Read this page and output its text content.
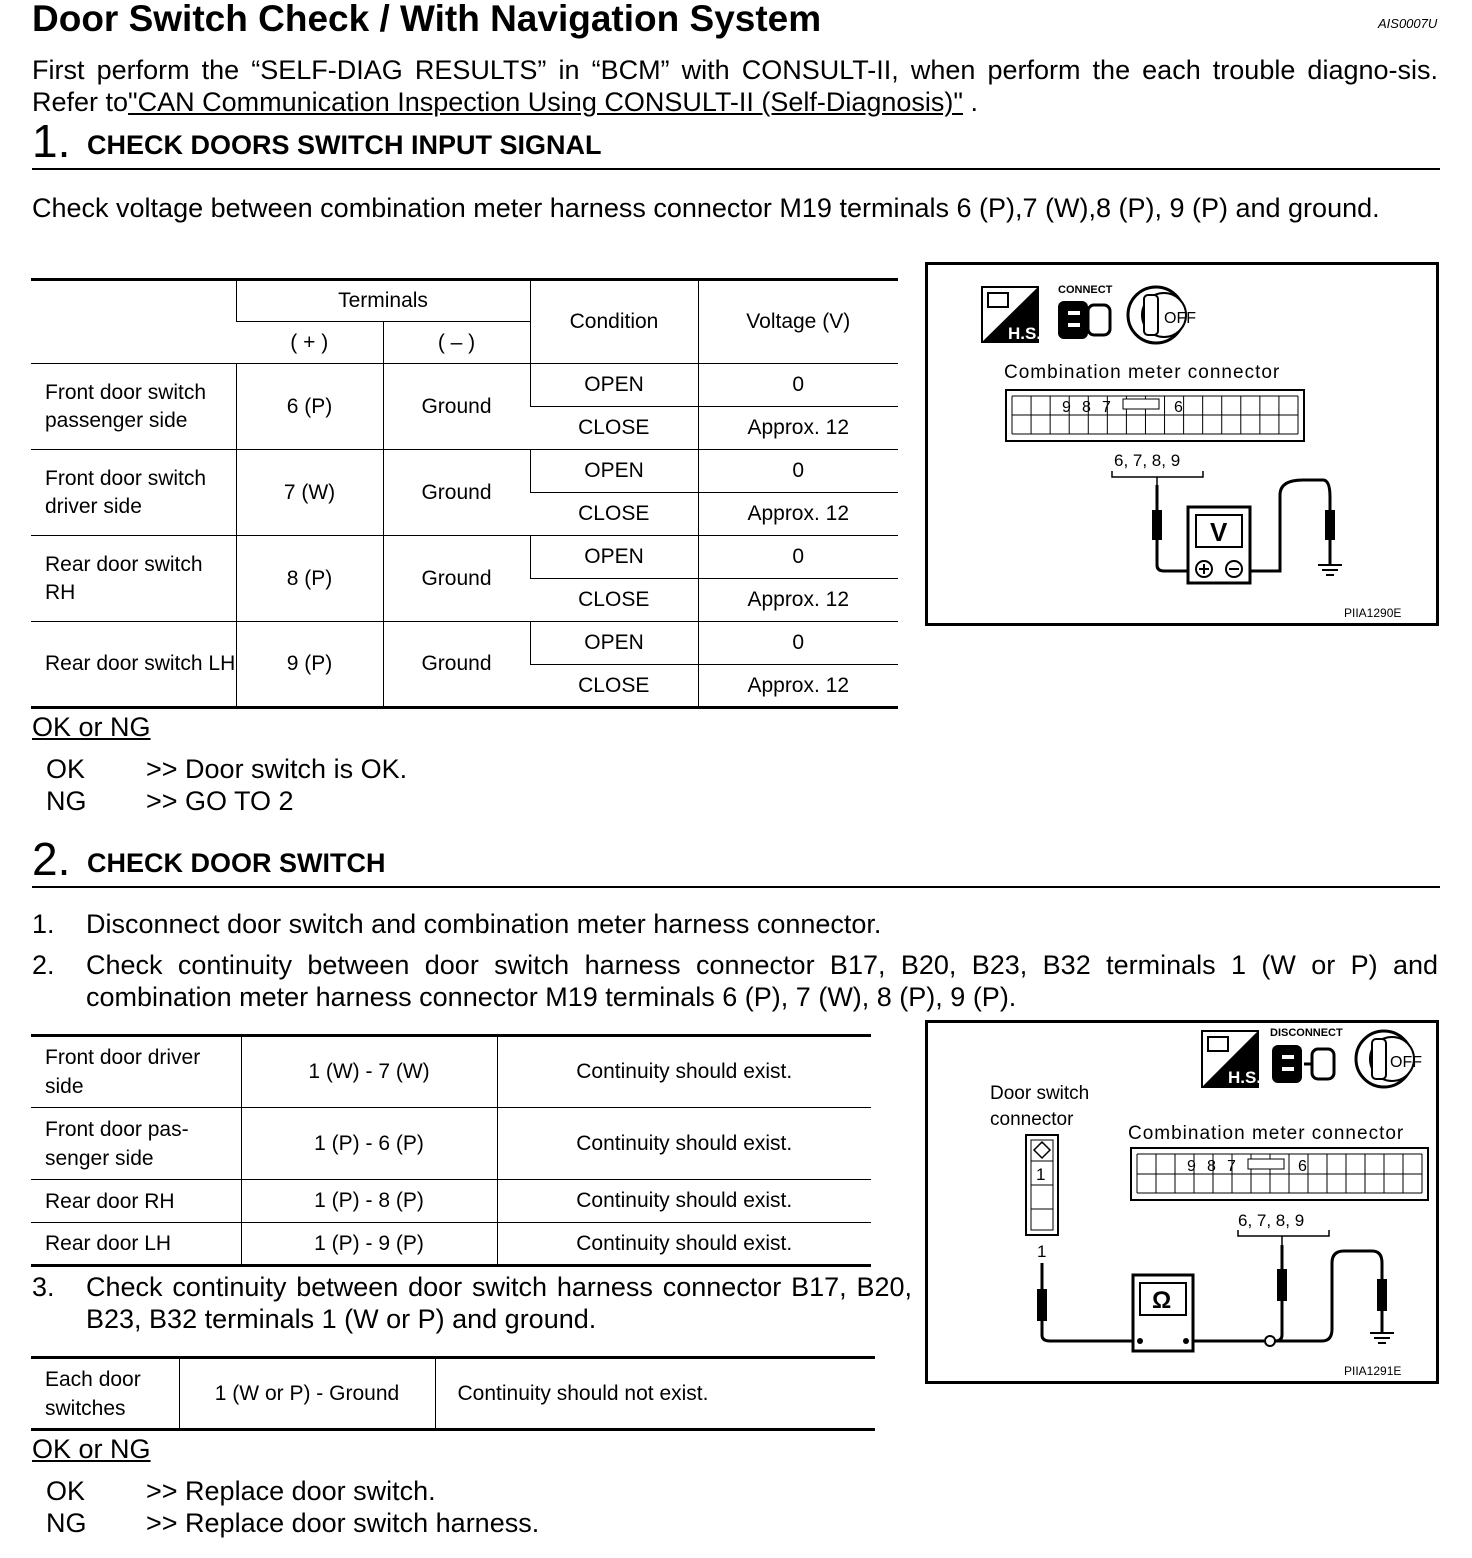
Door Switch Check / With Navigation System	AIS0007U
First perform the “SELF-DIAG RESULTS” in “BCM” with CONSULT-II, when perform the each trouble diagno-sis. Refer to"CAN Communication Inspection Using CONSULT-II (Self-Diagnosis)" .
1. CHECK DOORS SWITCH INPUT SIGNAL
Check voltage between combination meter harness connector M19 terminals 6 (P),7 (W),8 (P), 9 (P) and ground.
	Terminals		Condition	Voltage (V)
	( + )	( – )		
Front door switch passenger side	6 (P)	Ground	OPEN	0
			CLOSE	Approx. 12
Front door switch driver side	7 (W)	Ground	OPEN	0
			CLOSE	Approx. 12
Rear door switch RH	8 (P)	Ground	OPEN	0
			CLOSE	Approx. 12
Rear door switch LH	9 (P)	Ground	OPEN	0
			CLOSE	Approx. 12
H.S.
CONNECT
OFF
Combination meter connector
9 8 7	6
6, 7, 8, 9
V
PIIA1290E
OK or NG
OK >> Door switch is OK.
NG >> GO TO 2
2. CHECK DOOR SWITCH
1. Disconnect door switch and combination meter harness connector.
2. Check continuity between door switch harness connector B17, B20, B23, B32 terminals 1 (W or P) and combination meter harness connector M19 terminals 6 (P), 7 (W), 8 (P), 9 (P).
Front door driver side	1 (W) - 7 (W)	Continuity should exist.
Front door pas-senger side	1 (P) - 6 (P)	Continuity should exist.
Rear door RH	1 (P) - 8 (P)	Continuity should exist.
Rear door LH	1 (P) - 9 (P)	Continuity should exist.
3. Check continuity between door switch harness connector B17, B20, B23, B32 terminals 1 (W or P) and ground.
Each door switches	1 (W or P) - Ground	Continuity should not exist.
H.S.
DISCONNECT
OFF
Door switch connector
1
Combination meter connector
9 8 7	6
6, 7, 8, 9
1
Ω
PIIA1291E
OK or NG
OK >> Replace door switch.
NG >> Replace door switch harness.
